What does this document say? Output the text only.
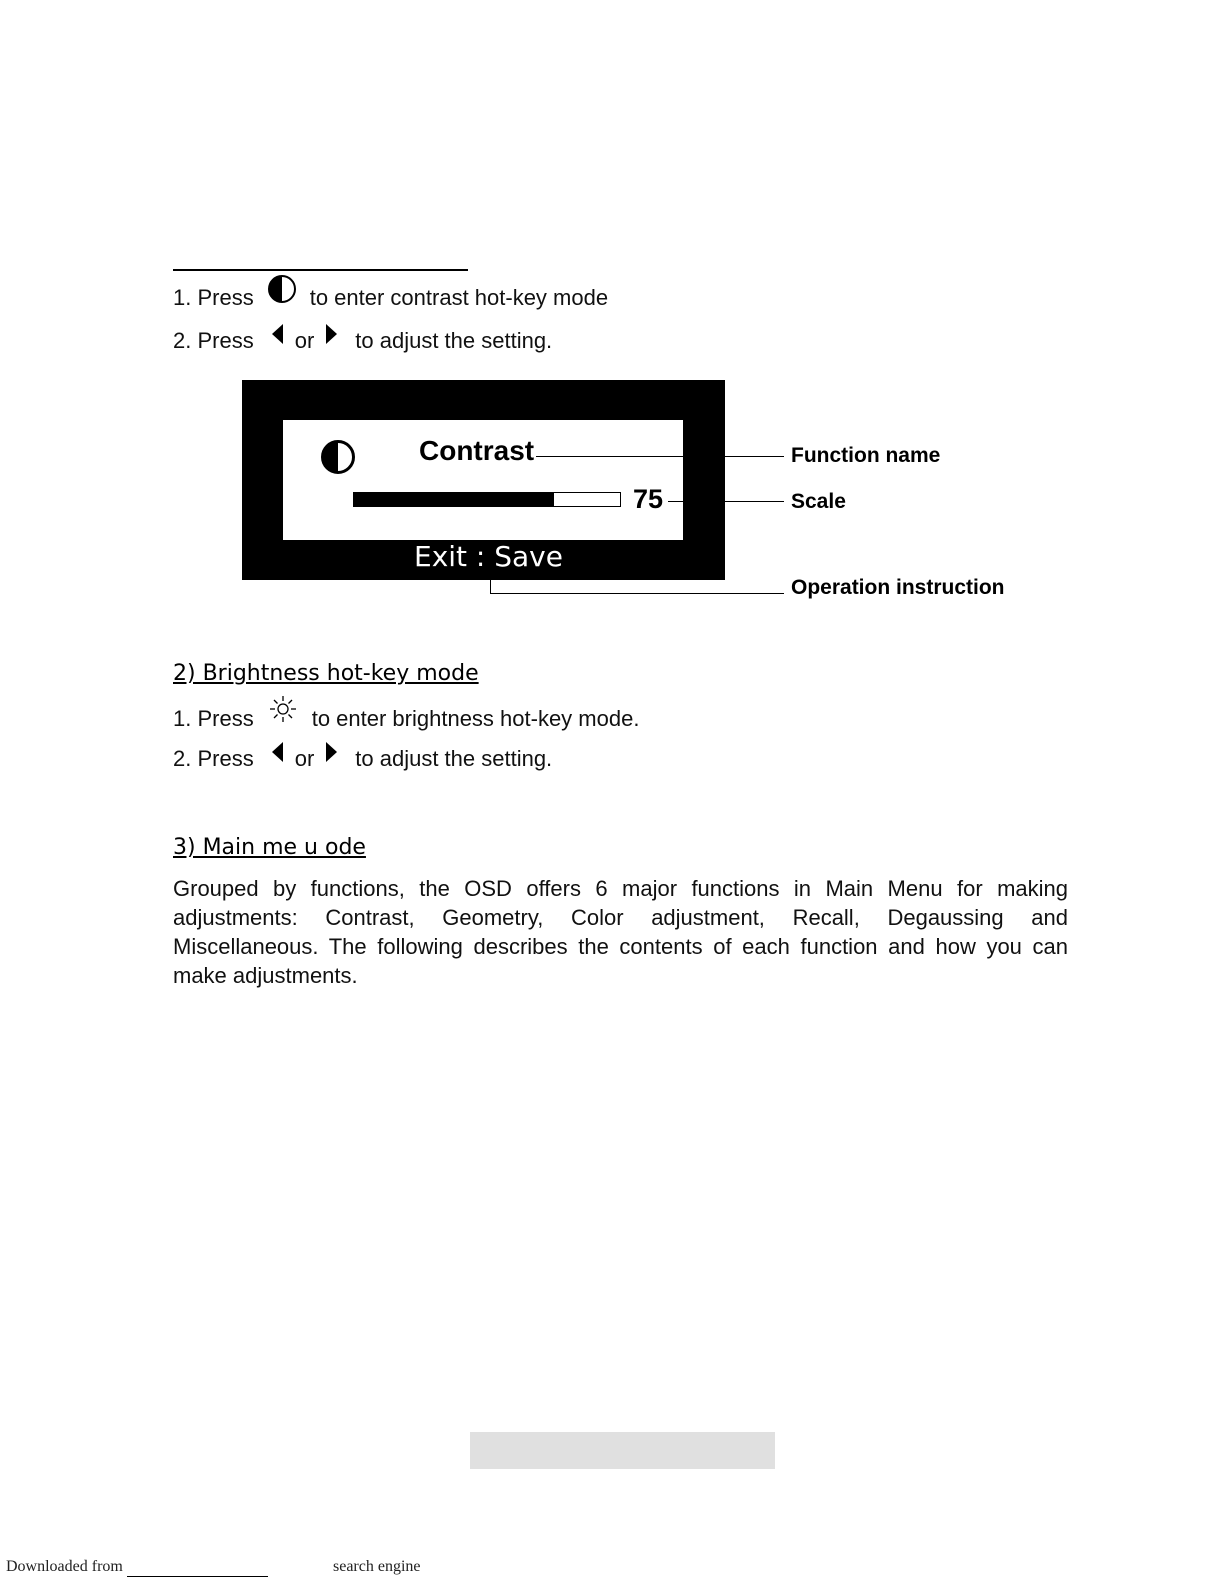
1. Press	to enter contrast hot-key mode
2. Press or to adjust the setting.
Contrast
75
Exit : Save
Function name
Scale
Operation instruction
2) Brightness hot-key mode
1. Press	to enter brightness hot-key mode.
2. Press or to adjust the setting.
3) Main me u ode
Grouped by functions, the OSD offers 6 major functions in Main Menu for making adjustments: Contrast, Geometry, Color adjustment, Recall, Degaussing and Miscellaneous. The following describes the contents of each function and how you can make adjustments.
Downloaded from	search engine
